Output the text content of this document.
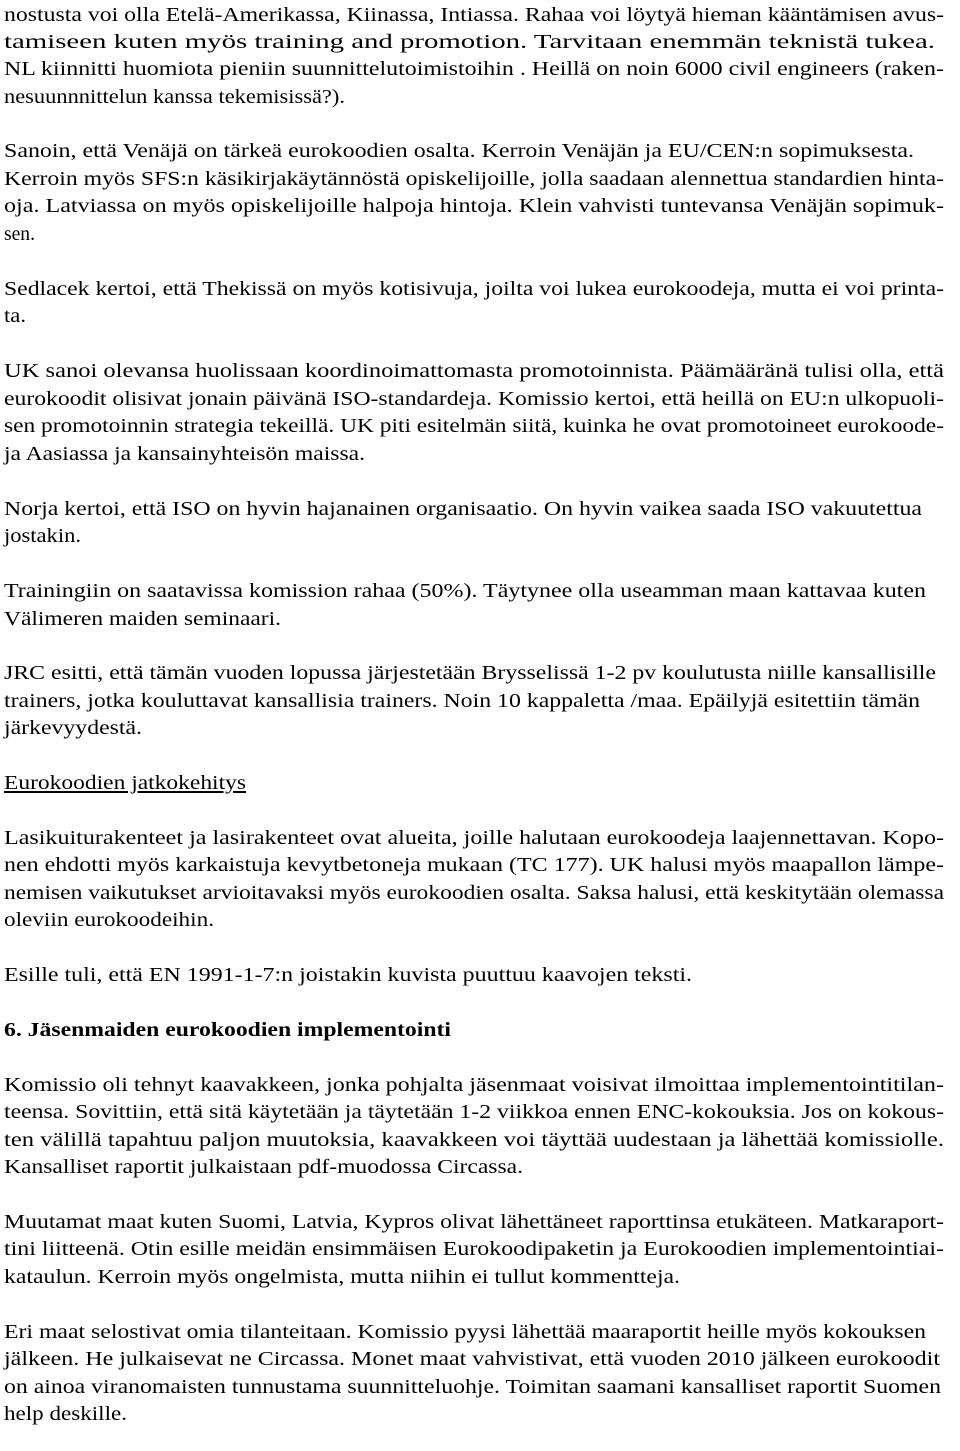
nostusta voi olla Etelä-Amerikassa, Kiinassa, Intiassa. Rahaa voi löytyä hieman kääntämisen avus-
tamiseen kuten myös training and promotion. Tarvitaan enemmän teknistä tukea.
NL kiinnitti huomiota pieniin suunnittelutoimistoihin . Heillä on noin 6000 civil engineers (raken-
nesuunnnittelun kanssa tekemisissä?).
Sanoin, että Venäjä on tärkeä eurokoodien osalta. Kerroin Venäjän ja EU/CEN:n sopimuksesta.
Kerroin myös SFS:n käsikirjakäytännöstä opiskelijoille, jolla saadaan alennettua standardien hinta-
oja. Latviassa on myös opiskelijoille halpoja hintoja. Klein vahvisti tuntevansa Venäjän sopimuk-
sen.
Sedlacek kertoi, että Thekissä on myös kotisivuja, joilta voi lukea eurokoodeja, mutta ei voi printa-
ta.
UK sanoi olevansa huolissaan koordinoimattomasta promotoinnista. Päämääränä tulisi olla, että
eurokoodit olisivat jonain päivänä ISO-standardeja. Komissio kertoi, että heillä on EU:n ulkopuoli-
sen promotoinnin strategia tekeillä. UK piti esitelmän siitä, kuinka he ovat promotoineet eurokoode-
ja Aasiassa ja kansainyhteisön maissa.
Norja kertoi, että ISO on hyvin hajanainen organisaatio. On hyvin vaikea saada ISO vakuutettua
jostakin.
Trainingiin on saatavissa komission rahaa (50%). Täytynee olla useamman maan kattavaa kuten
Välimeren maiden seminaari.
JRC esitti, että tämän vuoden lopussa järjestetään Brysselissä 1-2 pv koulutusta niille kansallisille
trainers, jotka kouluttavat kansallisia trainers. Noin 10 kappaletta /maa. Epäilyjä esitettiin tämän
järkevyydestä.
Eurokoodien jatkokehitys
Lasikuiturakenteet ja lasirakenteet ovat alueita, joille halutaan eurokoodeja laajennettavan. Kopo-
nen ehdotti myös karkaistuja kevytbetoneja mukaan (TC 177). UK halusi myös maapallon lämpe-
nemisen vaikutukset arvioitavaksi myös eurokoodien osalta. Saksa halusi, että keskitytään olemassa
oleviin eurokoodeihin.
Esille tuli, että EN 1991-1-7:n joistakin kuvista puuttuu kaavojen teksti.
6. Jäsenmaiden eurokoodien implementointi
Komissio oli tehnyt kaavakkeen, jonka pohjalta jäsenmaat voisivat ilmoittaa implementointitilan-
teensa. Sovittiin, että sitä käytetään ja täytetään 1-2 viikkoa ennen ENC-kokouksia. Jos on kokous-
ten välillä tapahtuu paljon muutoksia, kaavakkeen voi täyttää uudestaan ja lähettää komissiolle.
Kansalliset raportit julkaistaan pdf-muodossa Circassa.
Muutamat maat kuten Suomi, Latvia, Kypros olivat lähettäneet raporttinsa etukäteen. Matkaraport-
tini liitteenä. Otin esille meidän ensimmäisen Eurokoodipaketin ja Eurokoodien implementointiai-
kataulun. Kerroin myös ongelmista, mutta niihin ei tullut kommentteja.
Eri maat selostivat omia tilanteitaan. Komissio pyysi lähettää maaraportit heille myös kokouksen
jälkeen. He julkaisevat ne Circassa. Monet maat vahvistivat, että vuoden 2010 jälkeen eurokoodit
on ainoa viranomaisten tunnustama suunnitteluohje. Toimitan saamani kansalliset raportit Suomen
help deskille.
